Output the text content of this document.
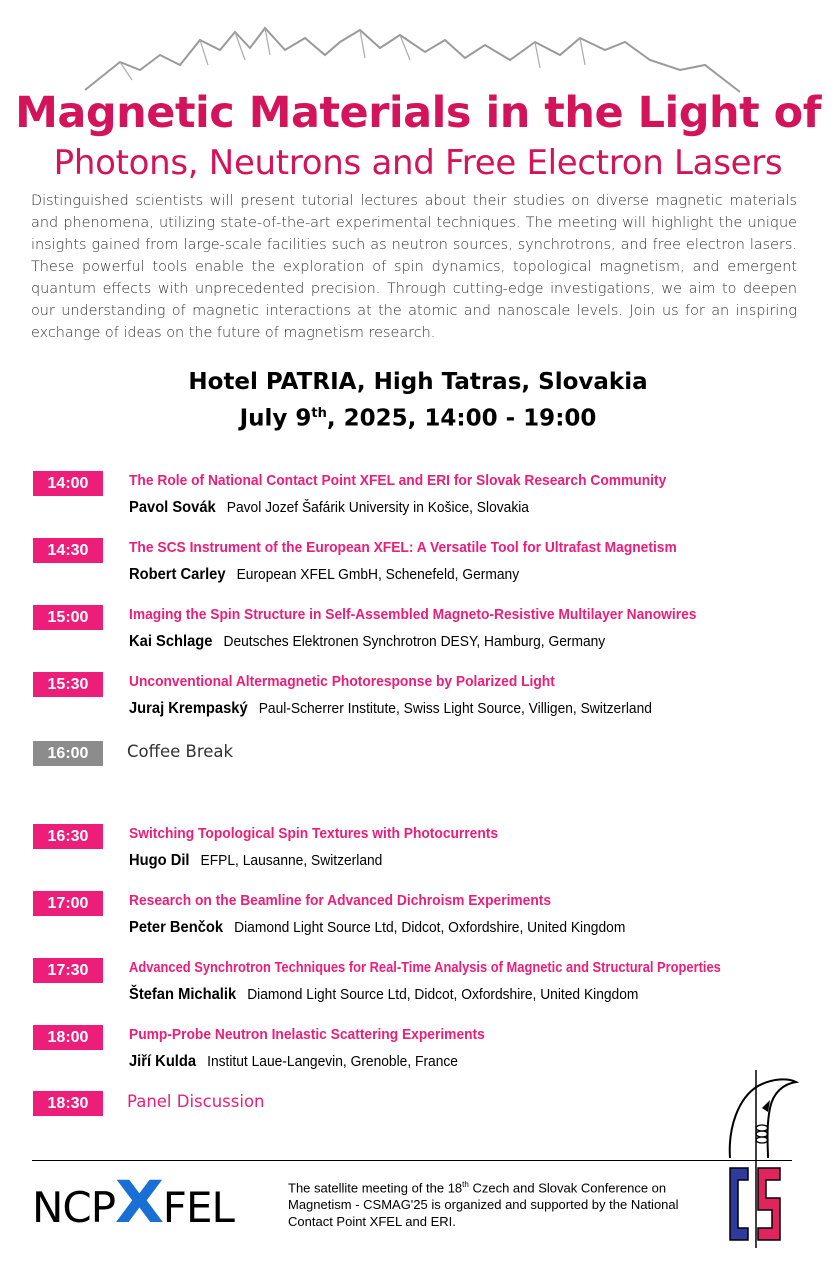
Magnetic Materials in the Light of
Photons, Neutrons and Free Electron Lasers
Distinguished scientists will present tutorial lectures about their studies on diverse magnetic materials and phenomena, utilizing state-of-the-art experimental techniques. The meeting will highlight the unique insights gained from large-scale facilities such as neutron sources, synchrotrons, and free electron lasers. These powerful tools enable the exploration of spin dynamics, topological magnetism, and emergent quantum effects with unprecedented precision. Through cutting-edge investigations, we aim to deepen our understanding of magnetic interactions at the atomic and nanoscale levels. Join us for an inspiring exchange of ideas on the future of magnetism research.
Hotel PATRIA, High Tatras, Slovakia
July 9th, 2025, 14:00 - 19:00
14:00	The Role of National Contact Point XFEL and ERI for Slovak Research Community
Pavol Sovák Pavol Jozef Šafárik University in Košice, Slovakia
14:30	The SCS Instrument of the European XFEL: A Versatile Tool for Ultrafast Magnetism
Robert Carley European XFEL GmbH, Schenefeld, Germany
15:00	Imaging the Spin Structure in Self-Assembled Magneto-Resistive Multilayer Nanowires
Kai Schlage Deutsches Elektronen Synchrotron DESY, Hamburg, Germany
15:30	Unconventional Altermagnetic Photoresponse by Polarized Light
Juraj Krempaský Paul-Scherrer Institute, Swiss Light Source, Villigen, Switzerland
16:00	Coffee Break
16:30	Switching Topological Spin Textures with Photocurrents
Hugo Dil EFPL, Lausanne, Switzerland
17:00	Research on the Beamline for Advanced Dichroism Experiments
Peter Benčok Diamond Light Source Ltd, Didcot, Oxfordshire, United Kingdom
17:30	Advanced Synchrotron Techniques for Real-Time Analysis of Magnetic and Structural Properties
Štefan Michalik Diamond Light Source Ltd, Didcot, Oxfordshire, United Kingdom
18:00	Pump-Probe Neutron Inelastic Scattering Experiments
Jiří Kulda Institut Laue-Langevin, Grenoble, France
18:30	Panel Discussion
NCPXFEL	The satellite meeting of the 18th Czech and Slovak Conference on Magnetism - CSMAG'25 is organized and supported by the National Contact Point XFEL and ERI.
